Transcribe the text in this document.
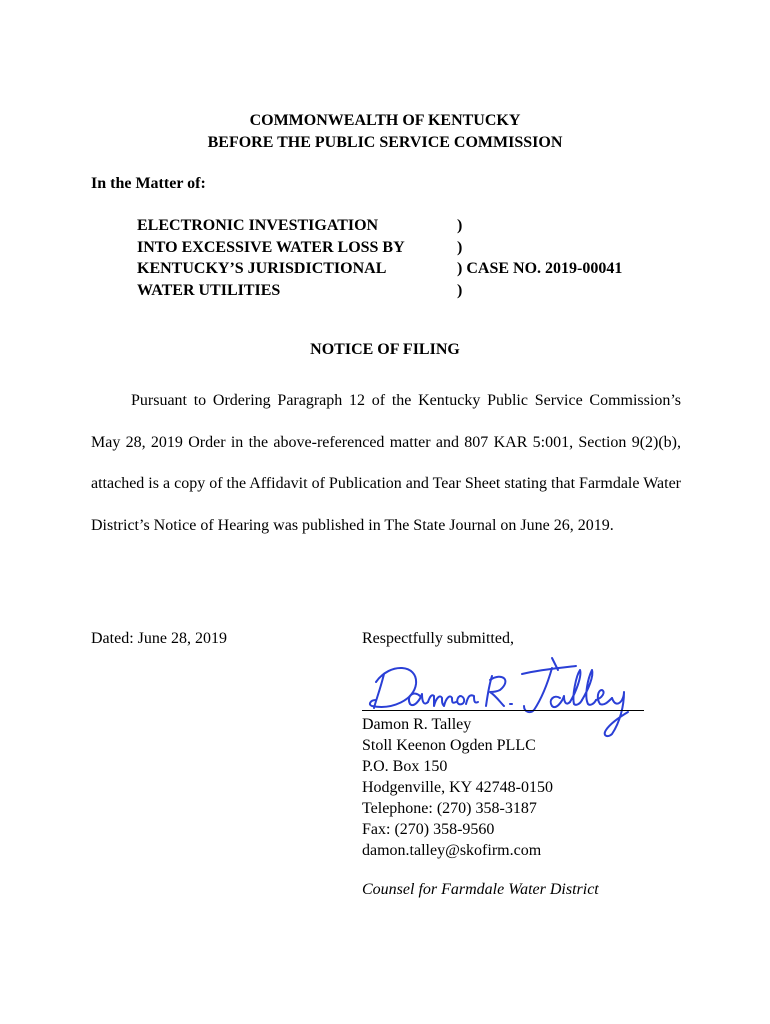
COMMONWEALTH OF KENTUCKY
BEFORE THE PUBLIC SERVICE COMMISSION
In the Matter of:
ELECTRONIC INVESTIGATION
INTO EXCESSIVE WATER LOSS BY
KENTUCKY’S JURISDICTIONAL
WATER UTILITIES
)
)
) CASE NO. 2019-00041
)
NOTICE OF FILING

Pursuant to Ordering Paragraph 12 of the Kentucky Public Service Commission’s May 28, 2019 Order in the above-referenced matter and 807 KAR 5:001, Section 9(2)(b), attached is a copy of the Affidavit of Publication and Tear Sheet stating that Farmdale Water District’s Notice of Hearing was published in The State Journal on June 26, 2019.

Dated: June 28, 2019	Respectfully submitted,
Damon R. Talley
Stoll Keenon Ogden PLLC
P.O. Box 150
Hodgenville, KY 42748-0150
Telephone: (270) 358-3187
Fax: (270) 358-9560
damon.talley@skofirm.com
Counsel for Farmdale Water District
